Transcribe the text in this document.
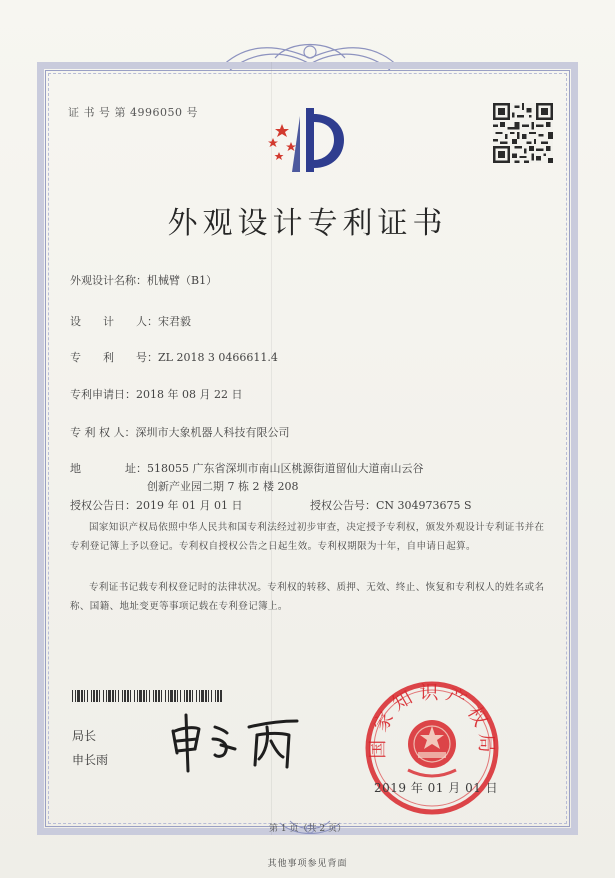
证 书 号 第 4996050 号
外观设计专利证书
外观设计名称：机械臂（B1）
设　　计　　人：宋君毅
专　　利　　号：ZL 2018 3 0466611.4
专利申请日：2018 年 08 月 22 日
专 利 权 人：深圳市大象机器人科技有限公司
地　　　　址：518055 广东省深圳市南山区桃源街道留仙大道南山云谷
创新产业园二期 7 栋 2 楼 208
授权公告日：2019 年 01 月 01 日	授权公告号：CN 304973675 S
国家知识产权局依照中华人民共和国专利法经过初步审查，决定授予专利权，颁发外观设计专利证书并在专利登记簿上予以登记。专利权自授权公告之日起生效。专利权期限为十年，自申请日起算。
专利证书记载专利权登记时的法律状况。专利权的转移、质押、无效、终止、恢复和专利权人的姓名或名称、国籍、地址变更等事项记载在专利登记簿上。
局长
申长雨
国家知识产权局
2019 年 01 月 01 日
第 1 页（共 2 页）
其他事项参见背面
